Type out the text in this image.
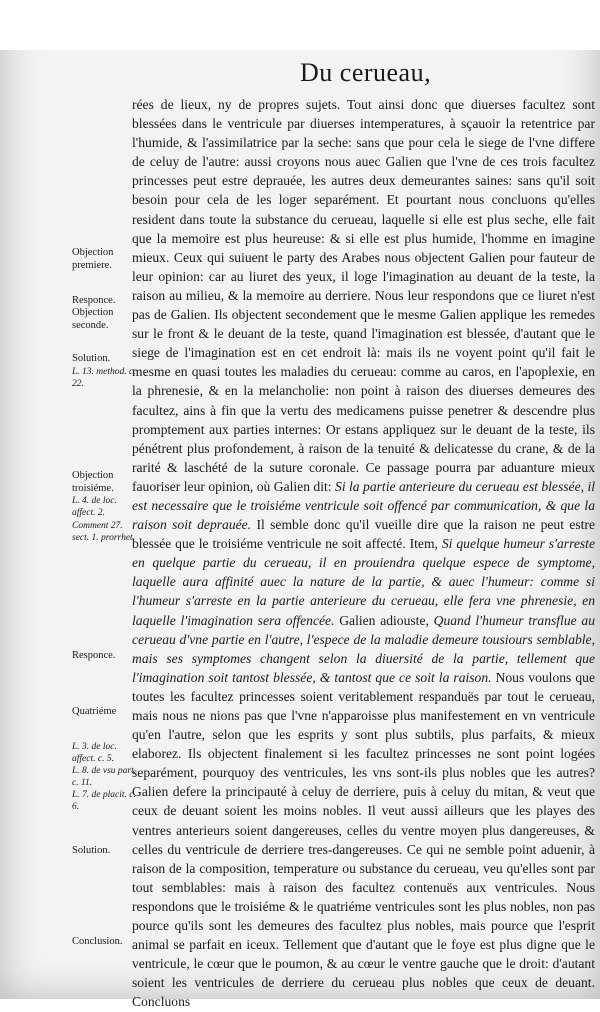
Du cerueau,

rées de lieux, ny de propres sujets. Tout ainsi donc que diuerses facultez sont blessées dans le ventricule par diuerses intemperatures, à sçauoir la retentrice par l'humide, & l'assimilatrice par la seche: sans que pour cela le siege de l'vne differe de celuy de l'autre: aussi croyons nous auec Galien que l'vne de ces trois facultez princesses peut estre deprauée, les autres deux demeurantes saines: sans qu'il soit besoin pour cela de les loger separément. Et pourtant nous concluons qu'elles resident dans toute la substance du cerueau, laquelle si elle est plus seche, elle fait que la memoire est plus heureuse: & si elle est plus humide, l'homme en imagine mieux. Ceux qui suiuent le party des Arabes nous objectent Galien pour fauteur de leur opinion: car au liuret des yeux, il loge l'imagination au deuant de la teste, la raison au milieu, & la memoire au derriere. Nous leur respondons que ce liuret n'est pas de Galien. Ils objectent secondement que le mesme Galien applique les remedes sur le front & le deuant de la teste, quand l'imagination est blessée, d'autant que le siege de l'imagination est en cet endroit là: mais ils ne voyent point qu'il fait le mesme en quasi toutes les maladies du cerueau: comme au caros, en l'apoplexie, en la phrenesie, & en la melancholie: non point à raison des diuerses demeures des facultez, ains à fin que la vertu des medicamens puisse penetrer & descendre plus promptement aux parties internes: Or estans appliquez sur le deuant de la teste, ils pénétrent plus profondement, à raison de la tenuité & delicatesse du crane, & de la rarité & laschété de la suture coronale. Ce passage pourra par aduanture mieux fauoriser leur opinion, où Galien dit: Si la partie anterieure du cerueau est blessée, il est necessaire que le troisiéme ventricule soit offencé par communication, & que la raison soit deprauée. Il semble donc qu'il vueille dire que la raison ne peut estre blessée que le troisiéme ventricule ne soit affecté. Item, Si quelque humeur s'arreste en quelque partie du cerueau, il en prouiendra quelque espece de symptome, laquelle aura affinité auec la nature de la partie, & auec l'humeur: comme si l'humeur s'arreste en la partie anterieure du cerueau, elle fera vne phrenesie, en laquelle l'imagination sera offencée. Galien adiouste, Quand l'humeur transflue au cerueau d'vne partie en l'autre, l'espece de la maladie demeure tousiours semblable, mais ses symptomes changent selon la diuersité de la partie, tellement que l'imagination soit tantost blessée, & tantost que ce soit la raison. Nous voulons que toutes les facultez princesses soient veritablement respanduës par tout le cerueau, mais nous ne nions pas que l'vne n'apparoisse plus manifestement en vn ventricule qu'en l'autre, selon que les esprits y sont plus subtils, plus parfaits, & mieux elaborez. Ils objectent finalement si les facultez princesses ne sont point logées separément, pourquoy des ventricules, les vns sont-ils plus nobles que les autres? Galien defere la principauté à celuy de derriere, puis à celuy du mitan, & veut que ceux de deuant soient les moins nobles. Il veut aussi ailleurs que les playes des ventres anterieurs soient dangereuses, celles du ventre moyen plus dangereuses, & celles du ventricule de derriere tres-dangereuses. Ce qui ne semble point aduenir, à raison de la composition, temperature ou substance du cerueau, veu qu'elles sont par tout semblables: mais à raison des facultez contenuës aux ventricules. Nous respondons que le troisiéme & le quatriéme ventricules sont les plus nobles, non pas pource qu'ils sont les demeures des facultez plus nobles, mais pource que l'esprit animal se parfait en iceux. Tellement que d'autant que le foye est plus digne que le ventricule, le cœur que le poumon, & au cœur le ventre gauche que le droit: d'autant soient les ventricules de derriere du cerueau plus nobles que ceux de deuant. Concluons

Objection premiere.
Responce.
Objection seconde.
Solution.
L. 13. method. c. 22.
Objection troisiéme.
L. 4. de loc. affect. 2.
Comment 27. sect. 1. prorrhet.
Responce.
Quatriéme
L. 3. de loc. affect. c. 5.
L. 8. de vsu part. c. 11.
L. 7. de placit. c. 6.
Solution.
Conclusion.
